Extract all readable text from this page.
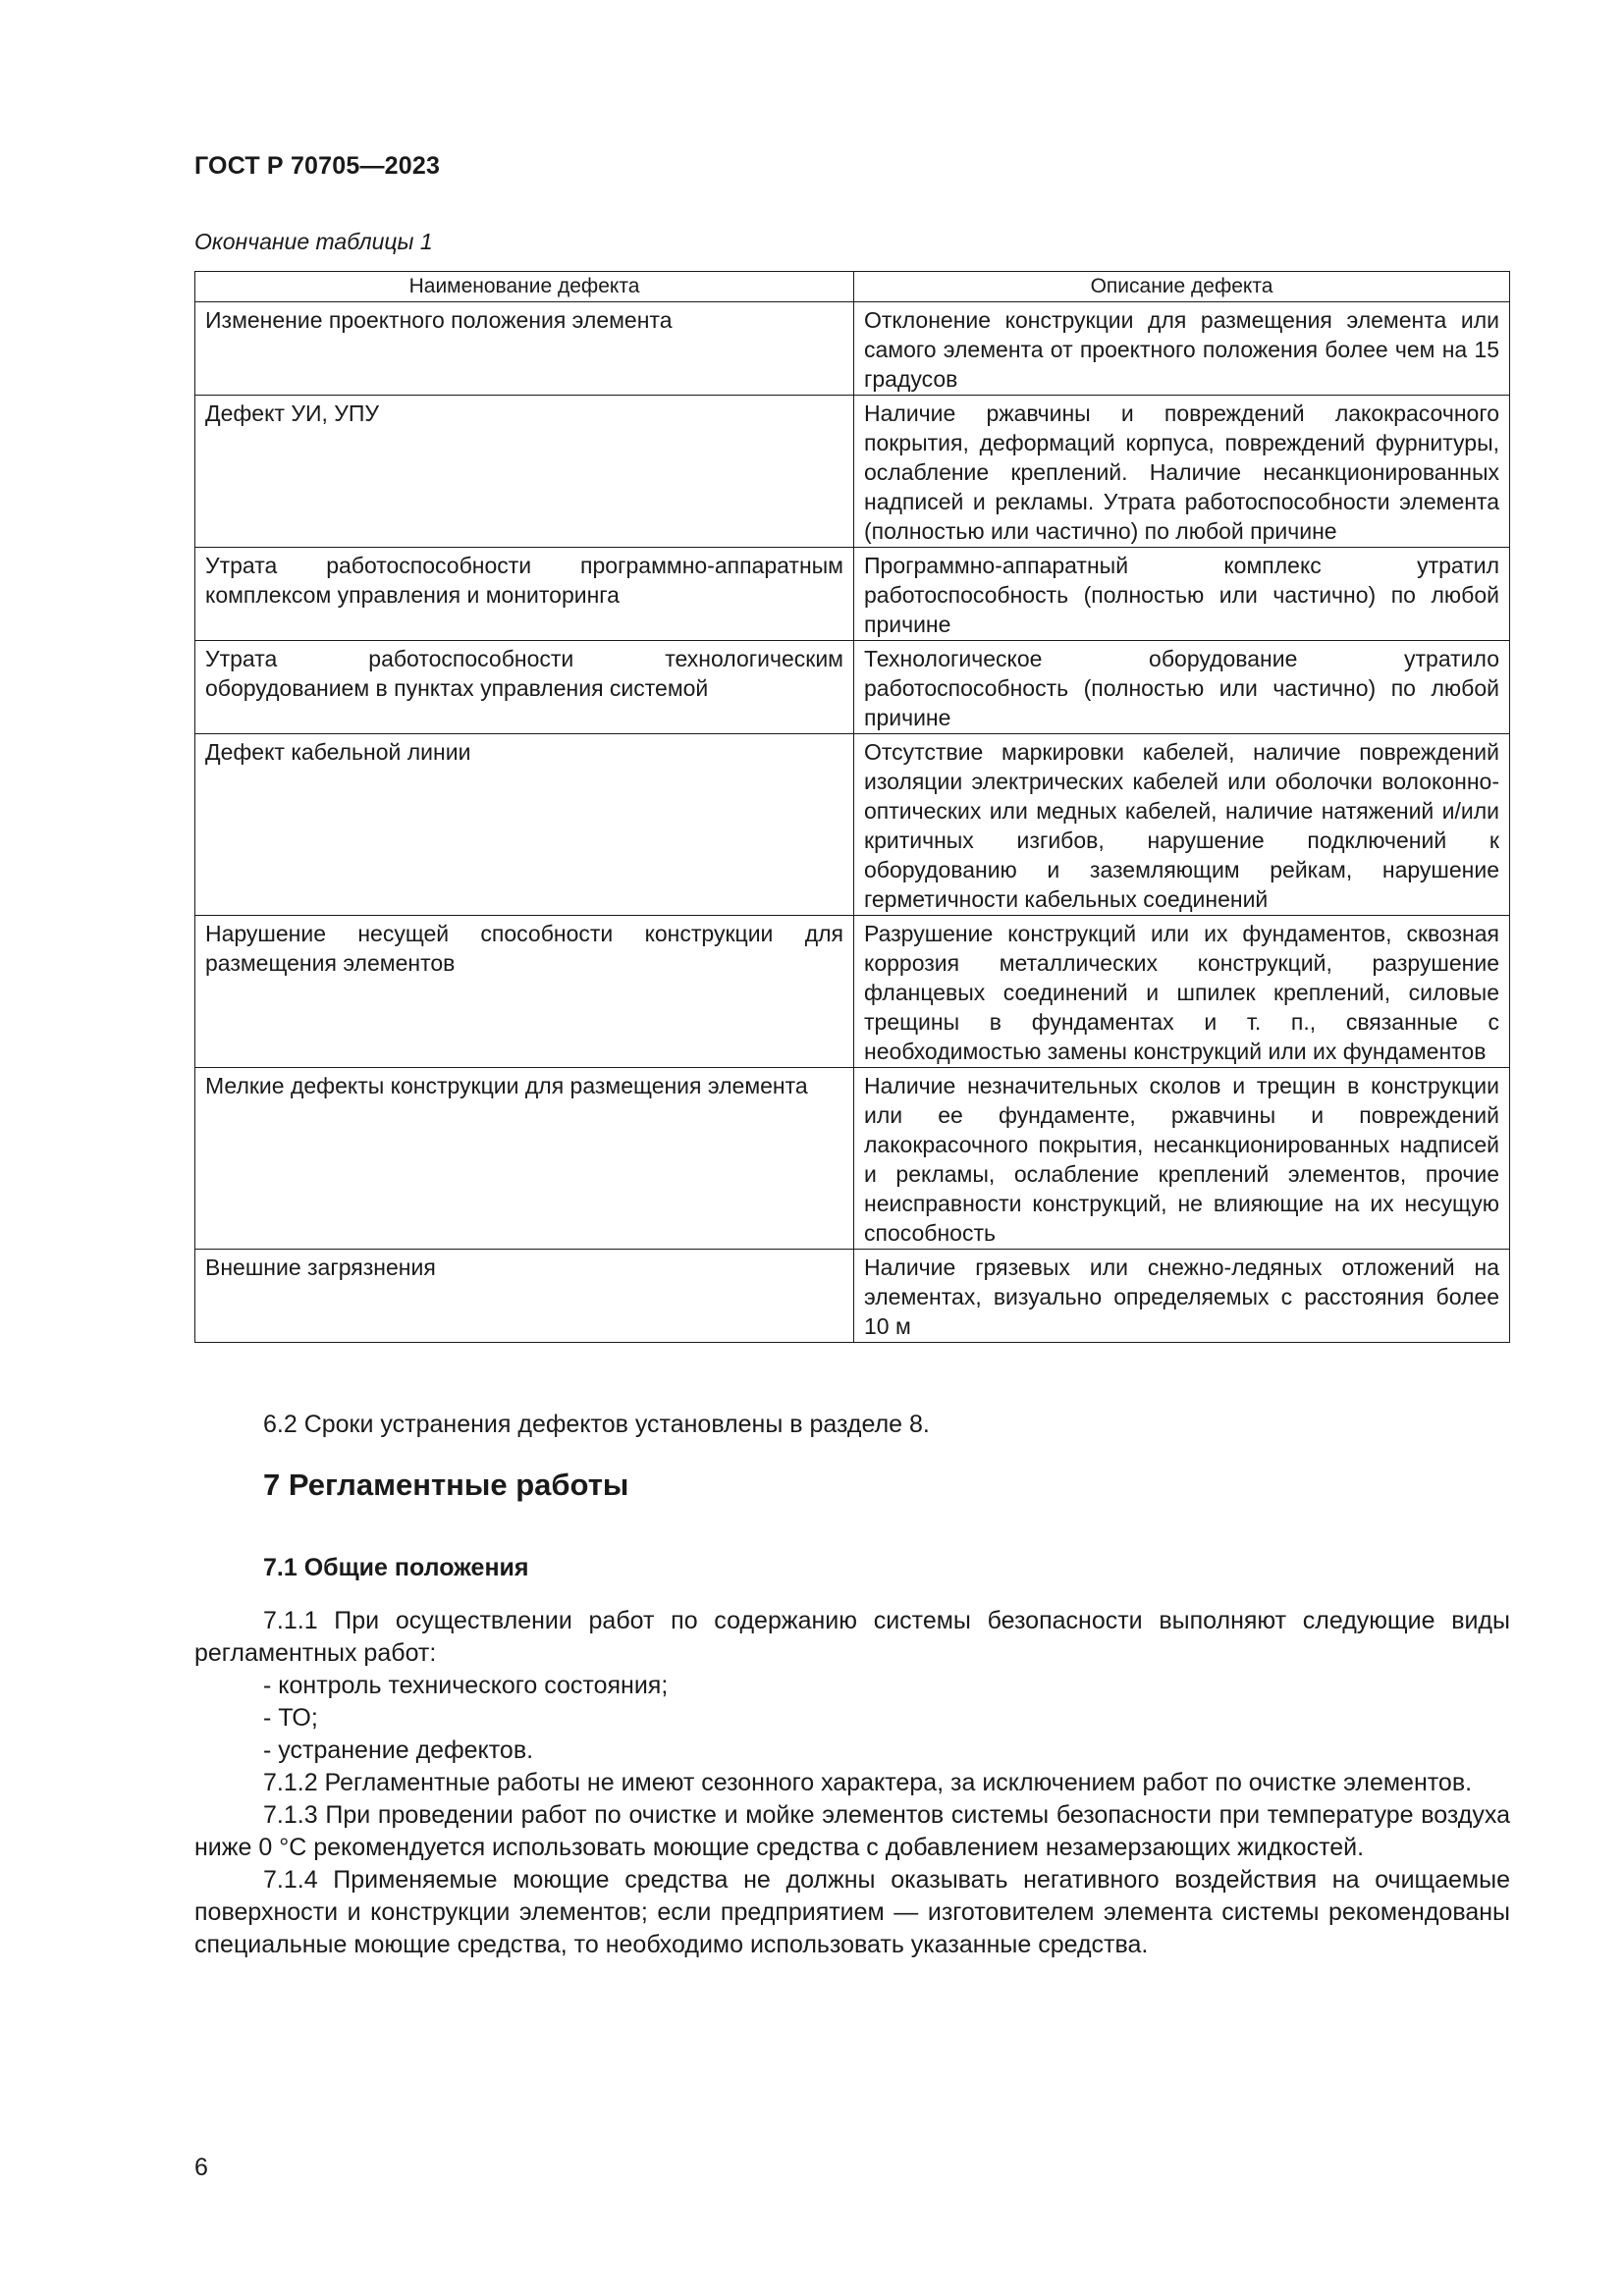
ГОСТ Р 70705—2023
Окончание таблицы 1
Наименование дефекта	Описание дефекта
Изменение проектного положения элемента	Отклонение конструкции для размещения элемента или самого элемента от проектного положения более чем на 15 градусов
Дефект УИ, УПУ	Наличие ржавчины и повреждений лакокрасочного покрытия, деформаций корпуса, повреждений фурнитуры, ослабление креплений. Наличие несанкционированных надписей и рекламы. Утрата работоспособности элемента (полностью или частично) по любой причине
Утрата работоспособности программно-аппаратным комплексом управления и мониторинга	Программно-аппаратный комплекс утратил работоспособность (полностью или частично) по любой причине
Утрата работоспособности технологическим оборудованием в пунктах управления системой	Технологическое оборудование утратило работоспособность (полностью или частично) по любой причине
Дефект кабельной линии	Отсутствие маркировки кабелей, наличие повреждений изоляции электрических кабелей или оболочки волоконно-оптических или медных кабелей, наличие натяжений и/или критичных изгибов, нарушение подключений к оборудованию и заземляющим рейкам, нарушение герметичности кабельных соединений
Нарушение несущей способности конструкции для размещения элементов	Разрушение конструкций или их фундаментов, сквозная коррозия металлических конструкций, разрушение фланцевых соединений и шпилек креплений, силовые трещины в фундаментах и т. п., связанные с необходимостью замены конструкций или их фундаментов
Мелкие дефекты конструкции для размещения элемента	Наличие незначительных сколов и трещин в конструкции или ее фундаменте, ржавчины и повреждений лакокрасочного покрытия, несанкционированных надписей и рекламы, ослабление креплений элементов, прочие неисправности конструкций, не влияющие на их несущую способность
Внешние загрязнения	Наличие грязевых или снежно-ледяных отложений на элементах, визуально определяемых с расстояния более 10 м

6.2 Сроки устранения дефектов установлены в разделе 8.

7 Регламентные работы
7.1 Общие положения

7.1.1 При осуществлении работ по содержанию системы безопасности выполняют следующие виды регламентных работ:

- контроль технического состояния;

- ТО;

- устранение дефектов.

7.1.2 Регламентные работы не имеют сезонного характера, за исключением работ по очистке элементов.

7.1.3 При проведении работ по очистке и мойке элементов системы безопасности при температуре воздуха ниже 0 °С рекомендуется использовать моющие средства с добавлением незамерзающих жидкостей.

7.1.4 Применяемые моющие средства не должны оказывать негативного воздействия на очищаемые поверхности и конструкции элементов; если предприятием — изготовителем элемента системы рекомендованы специальные моющие средства, то необходимо использовать указанные средства.

6
